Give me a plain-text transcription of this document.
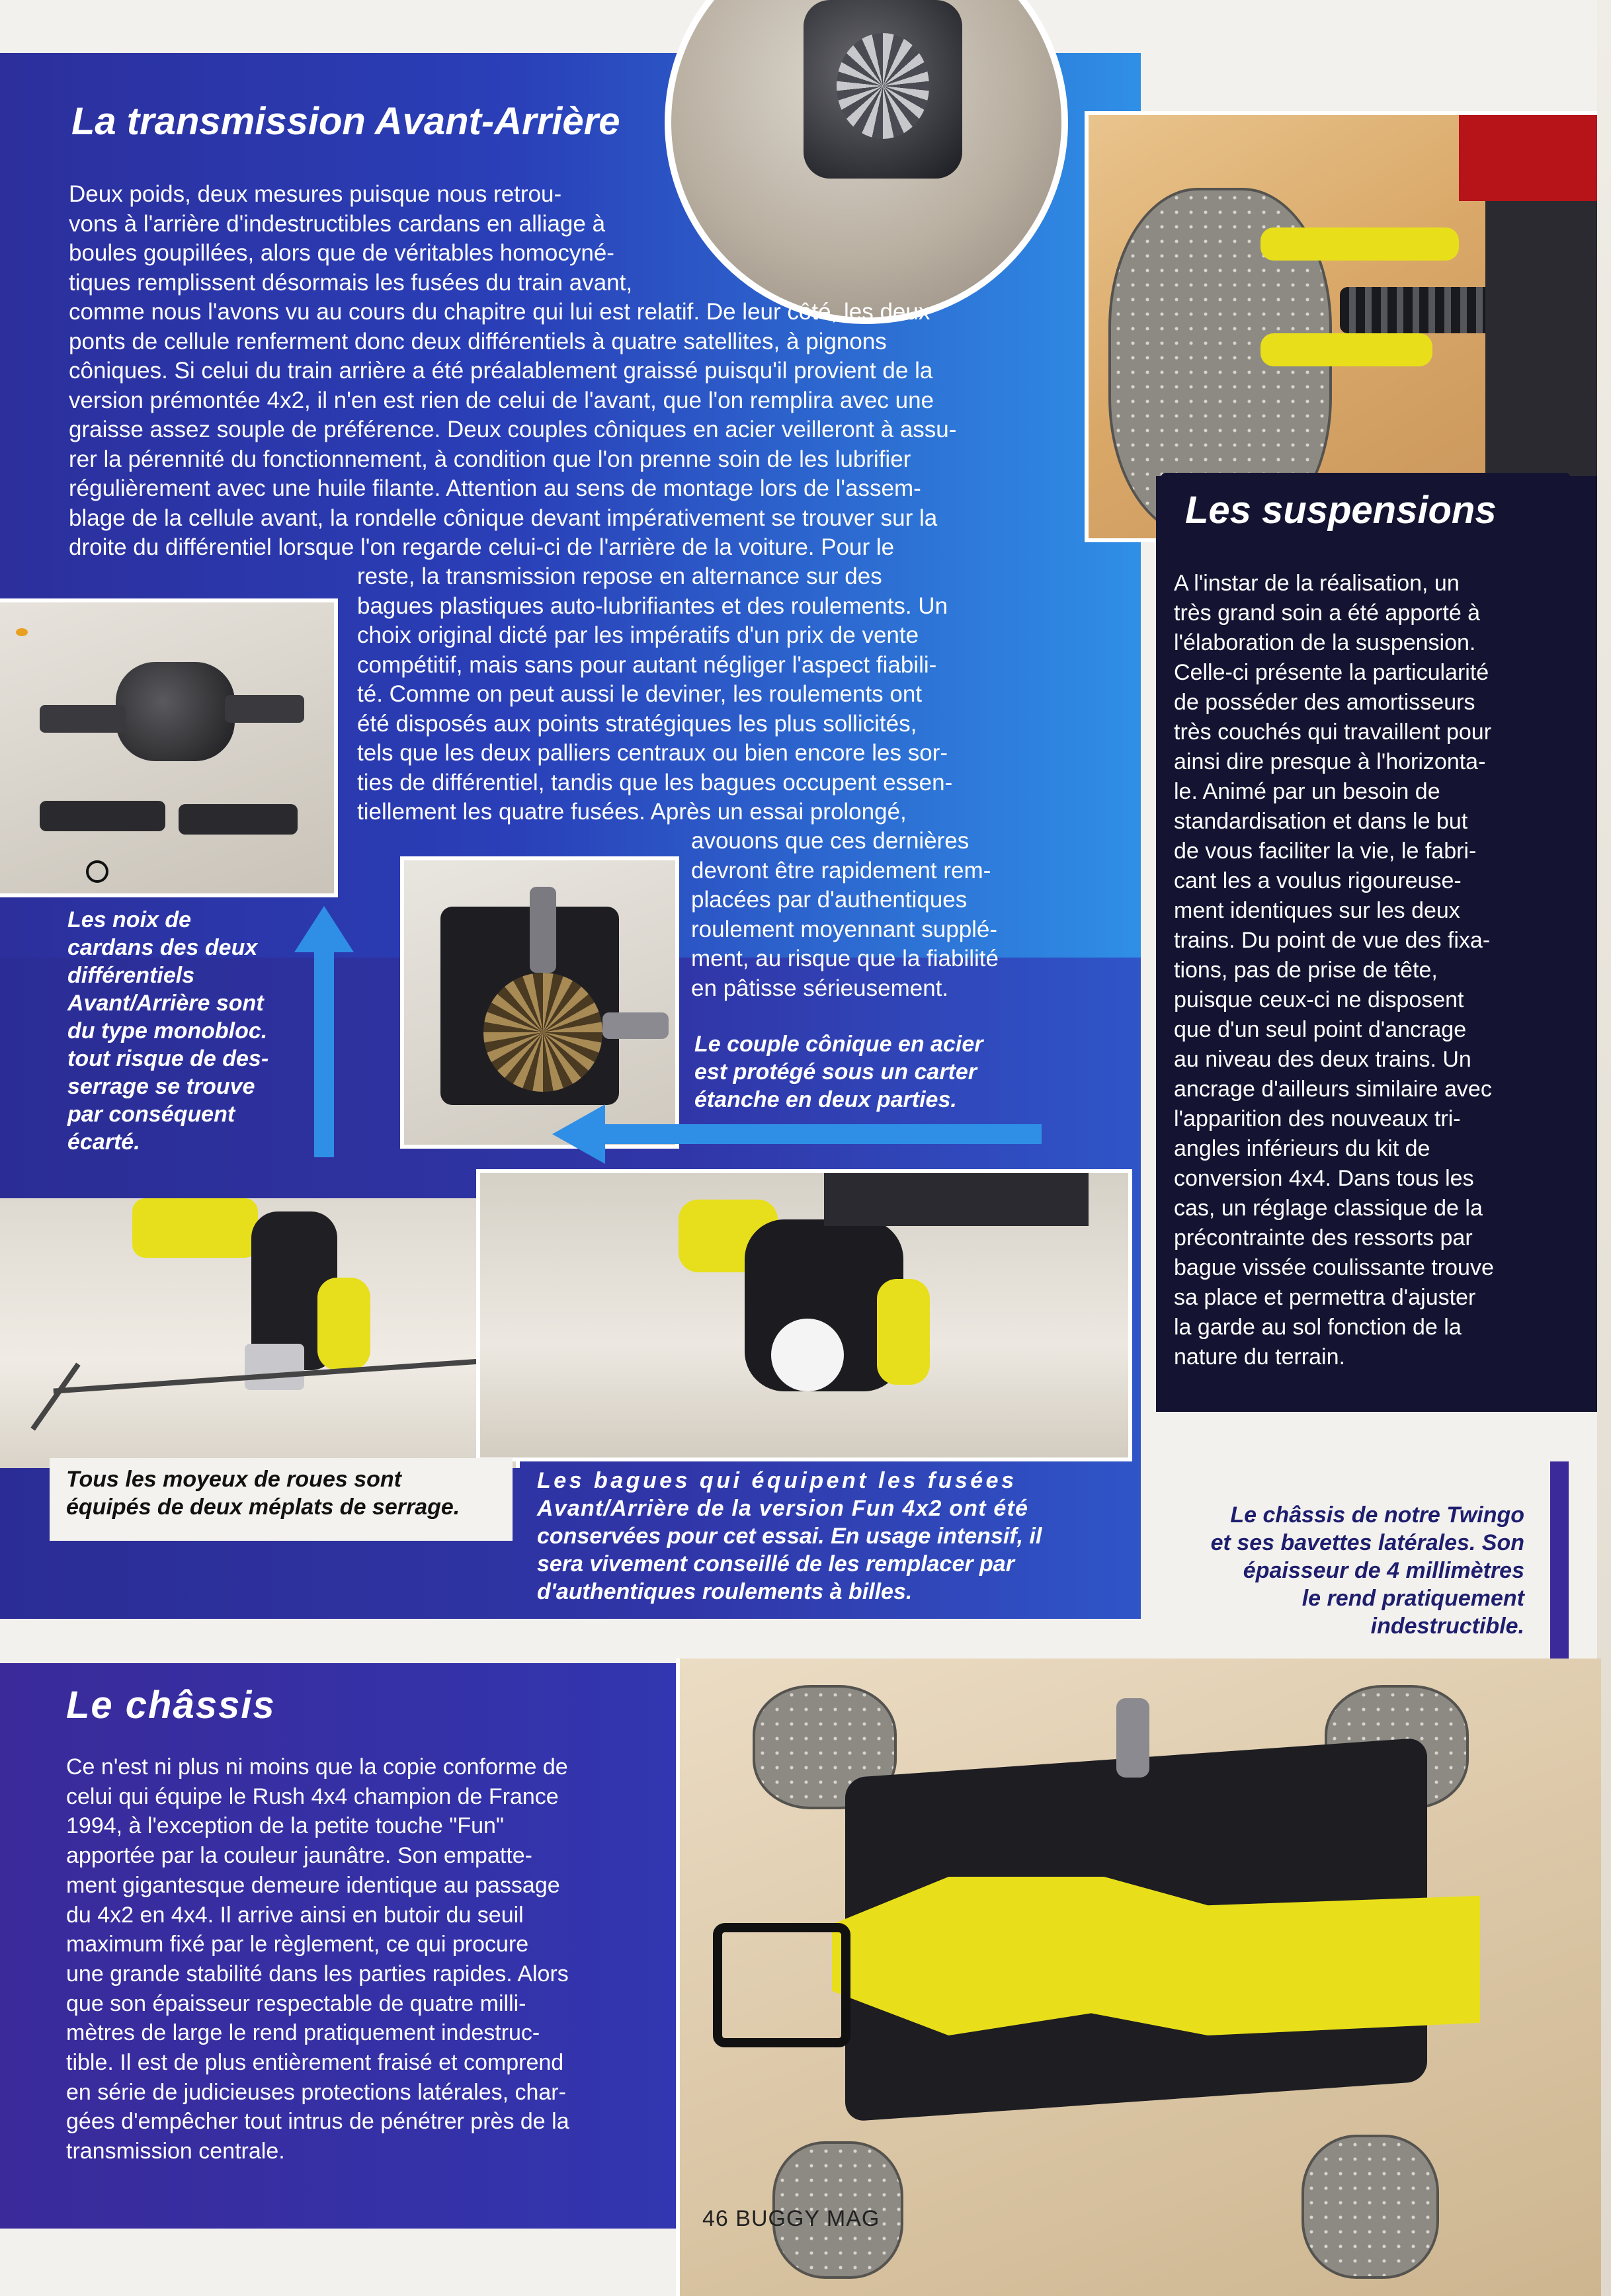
La transmission Avant-Arrière
Deux poids, deux mesures puisque nous retrou-
vons à l'arrière d'indestructibles cardans en alliage à
boules goupillées, alors que de véritables homocyné-
tiques remplissent désormais les fusées du train avant,
comme nous l'avons vu au cours du chapitre qui lui est relatif. De leur côté, les deux
ponts de cellule renferment donc deux différentiels à quatre satellites, à pignons
côniques. Si celui du train arrière a été préalablement graissé puisqu'il provient de la
version prémontée 4x2, il n'en est rien de celui de l'avant, que l'on remplira avec une
graisse assez souple de préférence. Deux couples côniques en acier veilleront à assu-
rer la pérennité du fonctionnement, à condition que l'on prenne soin de les lubrifier
régulièrement avec une huile filante. Attention au sens de montage lors de l'assem-
blage de la cellule avant, la rondelle cônique devant impérativement se trouver sur la
droite du différentiel lorsque l'on regarde celui-ci de l'arrière de la voiture. Pour le
reste, la transmission repose en alternance sur des
bagues plastiques auto-lubrifiantes et des roulements. Un
choix original dicté par les impératifs d'un prix de vente
compétitif, mais sans pour autant négliger l'aspect fiabili-
té. Comme on peut aussi le deviner, les roulements ont
été disposés aux points stratégiques les plus sollicités,
tels que les deux palliers centraux ou bien encore les sor-
ties de différentiel, tandis que les bagues occupent essen-
tiellement les quatre fusées. Après un essai prolongé,
avouons que ces dernières
devront être rapidement rem-
placées par d'authentiques
roulement moyennant supplé-
ment, au risque que la fiabilité
en pâtisse sérieusement.
Les noix de
cardans des deux
différentiels
Avant/Arrière sont
du type monobloc.
tout risque de des-
serrage se trouve
par conséquent
écarté.
Le couple cônique en acier
est protégé sous un carter
étanche en deux parties.
Tous les moyeux de roues sont
équipés de deux méplats de serrage.
Les bagues qui équipent les fusées
Avant/Arrière de la version Fun 4x2 ont été
conservées pour cet essai. En usage intensif, il
sera vivement conseillé de les remplacer par
d'authentiques roulements à billes.
Les suspensions
A l'instar de la réalisation, un
très grand soin a été apporté à
l'élaboration de la suspension.
Celle-ci présente la particularité
de posséder des amortisseurs
très couchés qui travaillent pour
ainsi dire presque à l'horizonta-
le. Animé par un besoin de
standardisation et dans le but
de vous faciliter la vie, le fabri-
cant les a voulus rigoureuse-
ment identiques sur les deux
trains. Du point de vue des fixa-
tions, pas de prise de tête,
puisque ceux-ci ne disposent
que d'un seul point d'ancrage
au niveau des deux trains. Un
ancrage d'ailleurs similaire avec
l'apparition des nouveaux tri-
angles inférieurs du kit de
conversion 4x4. Dans tous les
cas, un réglage classique de la
précontrainte des ressorts par
bague vissée coulissante trouve
sa place et permettra d'ajuster
la garde au sol fonction de la
nature du terrain.
Le châssis de notre Twingo
et ses bavettes latérales. Son
épaisseur de 4 millimètres
le rend pratiquement
indestructible.
Le châssis
Ce n'est ni plus ni moins que la copie conforme de
celui qui équipe le Rush 4x4 champion de France
1994, à l'exception de la petite touche "Fun"
apportée par la couleur jaunâtre. Son empatte-
ment gigantesque demeure identique au passage
du 4x2 en 4x4. Il arrive ainsi en butoir du seuil
maximum fixé par le règlement, ce qui procure
une grande stabilité dans les parties rapides. Alors
que son épaisseur respectable de quatre milli-
mètres de large le rend pratiquement indestruc-
tible. Il est de plus entièrement fraisé et comprend
en série de judicieuses protections latérales, char-
gées d'empêcher tout intrus de pénétrer près de la
transmission centrale.
46 BUGGY MAG
